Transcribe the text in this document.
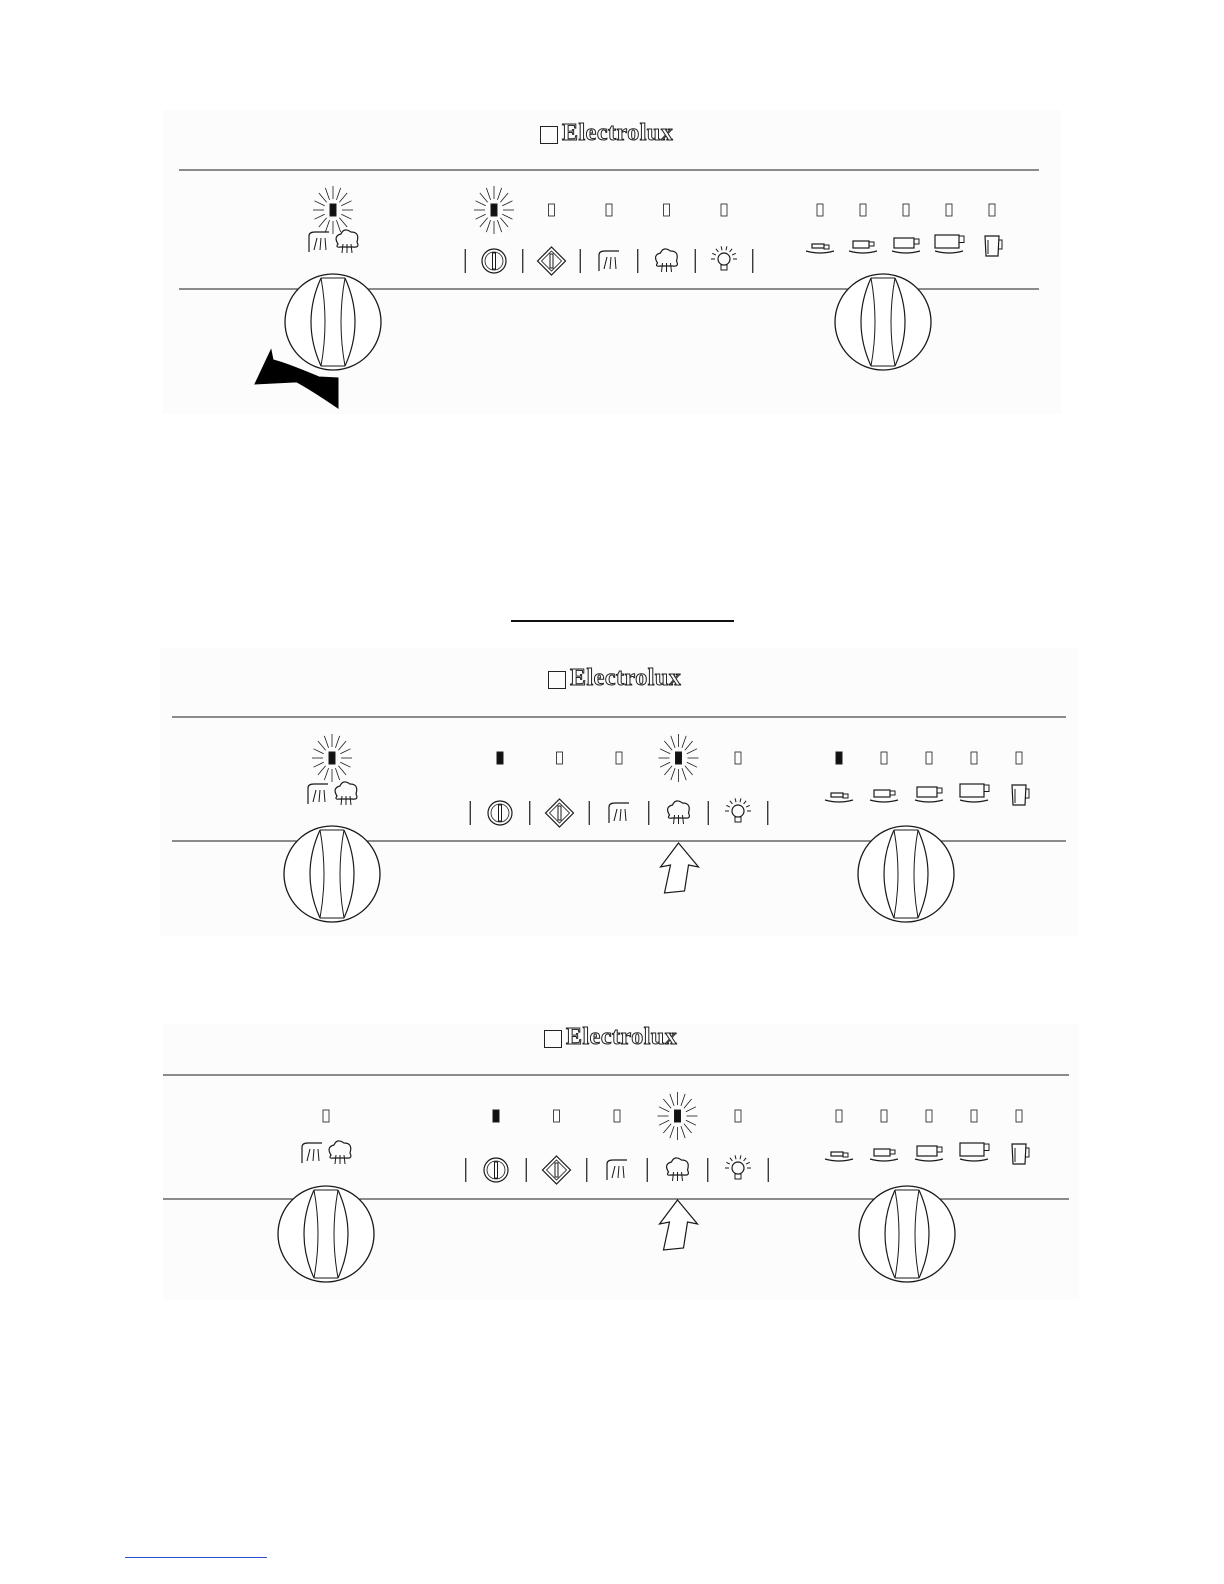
Electrolux
Electrolux
Electrolux
